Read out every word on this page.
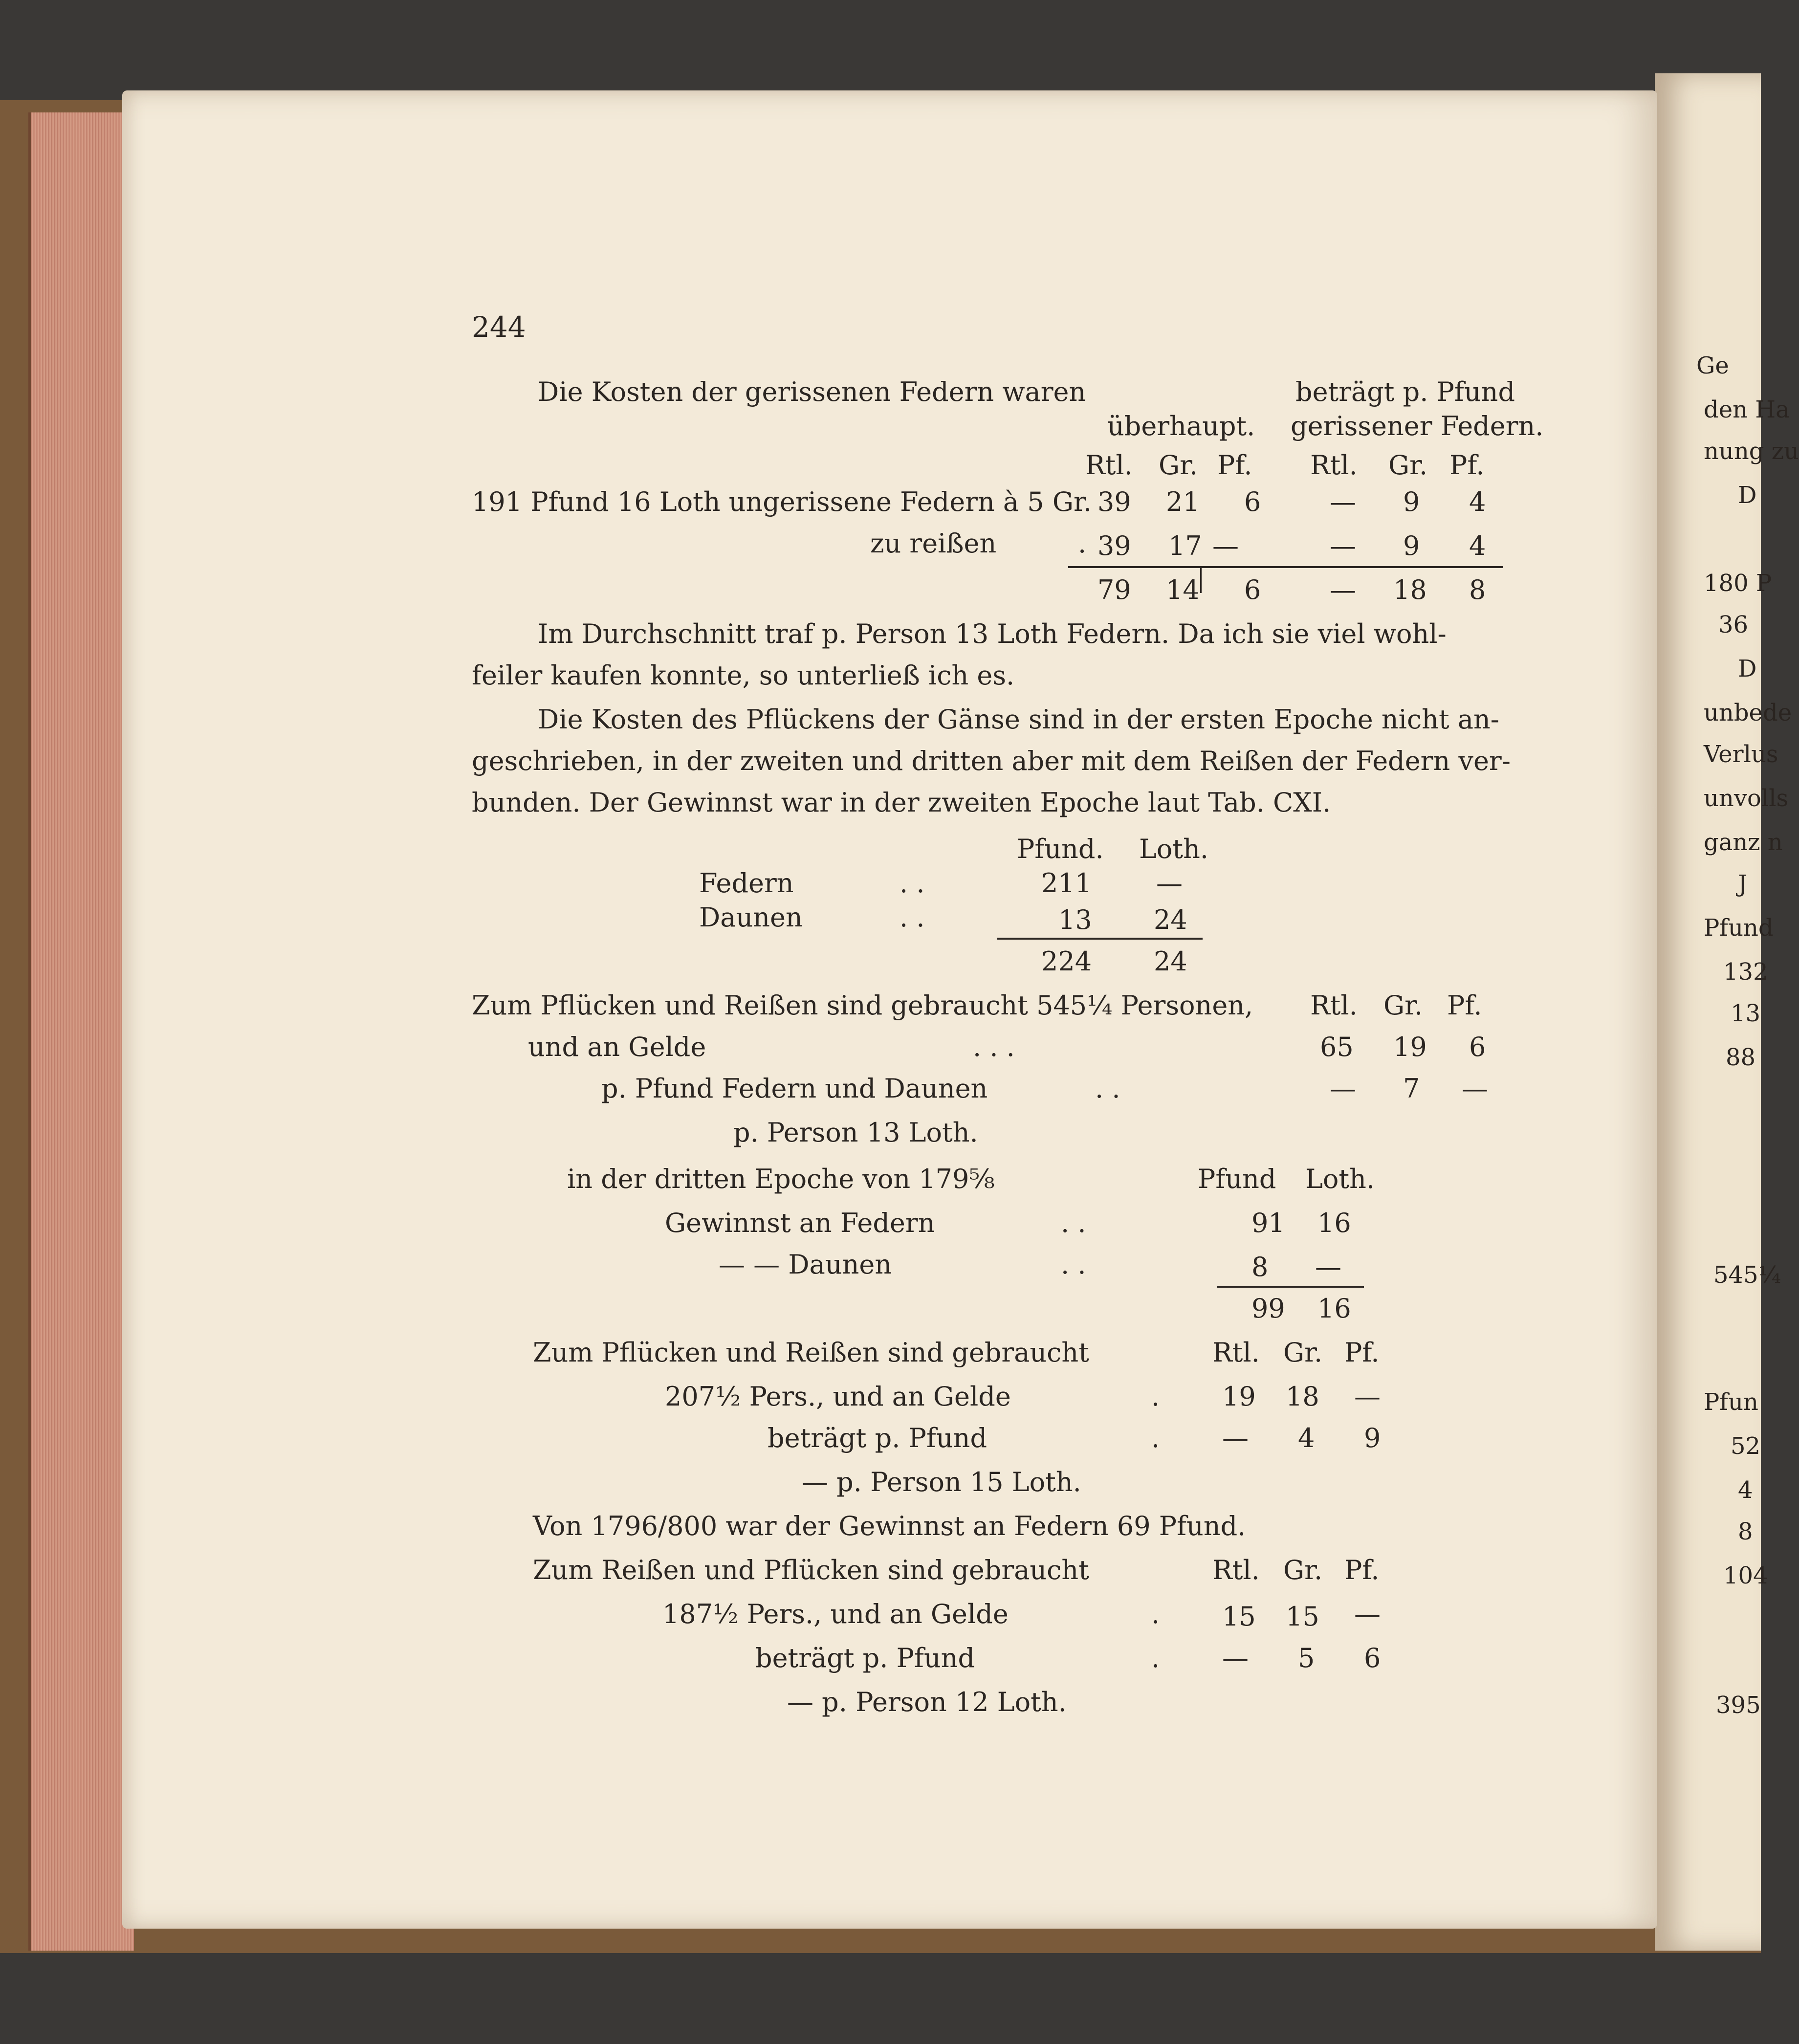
Ge
den Ha
nung zu
D
180 P
36
D
unbede
Verlus
unvolls
ganz n
J
Pfund
132
13
88
545¼
Pfun
52
4
8
104
395
244
Die Kosten der gerissenen Federn waren	beträgt p. Pfund
überhaupt. gerissener Federn.
Rtl. Gr. Pf. Rtl. Gr. Pf.
191 Pfund 16 Loth ungerissene Federn à 5 Gr. 39 21 6	— 9 4
zu reißen	. 39 17 —	— 9 4
79 14 6	— 18 8
Im Durchschnitt traf p. Person 13 Loth Federn. Da ich sie viel wohl-
feiler kaufen konnte, so unterließ ich es.
Die Kosten des Pflückens der Gänse sind in der ersten Epoche nicht an-
geschrieben, in der zweiten und dritten aber mit dem Reißen der Federn ver-
bunden. Der Gewinnst war in der zweiten Epoche laut Tab. CXI.
Pfund. Loth.
Federn	. .	211 —
Daunen	. .	13 24
224 24
Zum Pflücken und Reißen sind gebraucht 545¼ Personen, Rtl. Gr. Pf.
und an Gelde	. . .	65 19 6
p. Pfund Federn und Daunen	. .	— 7 —
p. Person 13 Loth.
in der dritten Epoche von 179⅝	Pfund Loth.
Gewinnst an Federn	. .	91 16
— — Daunen	. .	8 —
99 16
Zum Pflücken und Reißen sind gebraucht	Rtl. Gr. Pf.
207½ Pers., und an Gelde	. 19 18 —
beträgt p. Pfund	. — 4 9
— p. Person 15 Loth.
Von 1796/800 war der Gewinnst an Federn 69 Pfund.
Zum Reißen und Pflücken sind gebraucht	Rtl. Gr. Pf.
187½ Pers., und an Gelde	. 15 15 —
beträgt p. Pfund	. — 5 6
— p. Person 12 Loth.
